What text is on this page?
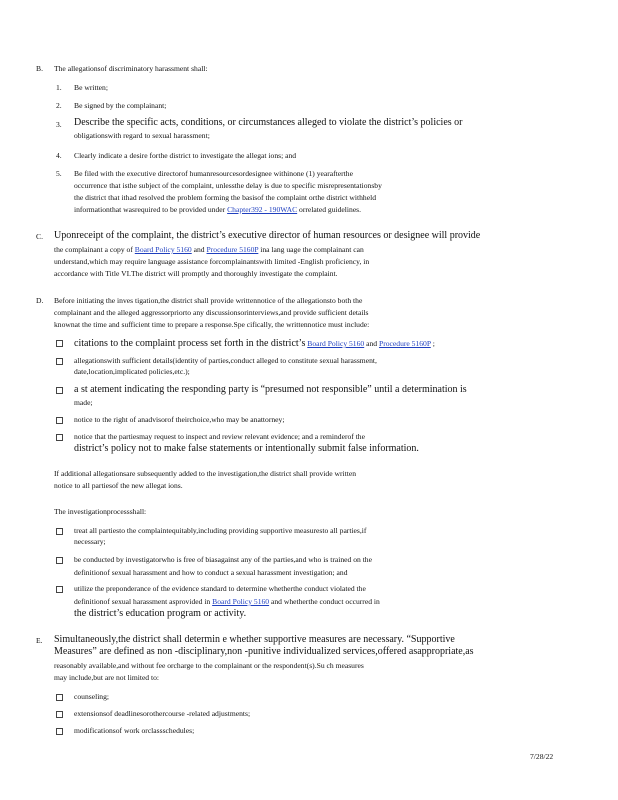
B. The allegationsof discriminatory harassment shall:
1. Be written;
2. Be signed by the complainant;
3. Describe the specific acts, conditions, or circumstances alleged to violate the district’s policies or
obligationswith regard to sexual harassment;
4. Clearly indicate a desire forthe district to investigate the allegat ions; and
5. Be filed with the executive directorof humanresourcesordesignee withinone (1) yearafterthe
occurrence that isthe subject of the complaint, unlessthe delay is due to specific misrepresentationsby
the district that ithad resolved the problem forming the basisof the complaint orthe district withheld
informationthat wasrequired to be provided under Chapter392 - 190WAC orrelated guidelines.
C. Uponreceipt of the complaint, the district’s executive director of human resources or designee will provide
the complainant a copy of Board Policy 5160 and Procedure 5160P ina lang uage the complainant can
understand,which may require language assistance forcomplainantswith limited -English proficiency, in
accordance with Title VI.The district will promptly and thoroughly investigate the complaint.
D. Before initiating the inves tigation,the district shall provide writtennotice of the allegationsto both the
complainant and the alleged aggressorpriorto any discussionsorinterviews,and provide sufficient details
knownat the time and sufficient time to prepare a response.Spe cifically, the writtennotice must include:
citations to the complaint process set forth in the district’s Board Policy 5160 and Procedure 5160P ;
allegationswith sufficient details(identity of parties,conduct alleged to constitute sexual harassment,
date,location,implicated policies,etc.);
a st atement indicating the responding party is “presumed not responsible” until a determination is
made;
notice to the right of anadvisorof theirchoice,who may be anattorney;
notice that the partiesmay request to inspect and review relevant evidence; and a reminderof the
district’s policy not to make false statements or intentionally submit false information.
If additional allegationsare subsequently added to the investigation,the district shall provide written
notice to all partiesof the new allegat ions.
The investigationprocessshall:
treat all partiesto the complaintequitably,including providing supportive measuresto all parties,if
necessary;
be conducted by investigatorwho is free of biasagainst any of the parties,and who is trained on the
definitionof sexual harassment and how to conduct a sexual harassment investigation; and
utilize the preponderance of the evidence standard to determine whetherthe conduct violated the
definitionof sexual harassment asprovided in Board Policy 5160 and whetherthe conduct occurred in
the district’s education program or activity.
E. Simultaneously,the district shall determin e whether supportive measures are necessary. “Supportive
Measures” are defined as non -disciplinary,non -punitive individualized services,offered asappropriate,as
reasonably available,and without fee orcharge to the complainant or the respondent(s).Su ch measures
may include,but are not limited to:
counseling;
extensionsof deadlinesorothercourse -related adjustments;
modificationsof work orclassschedules;
7/28/22
